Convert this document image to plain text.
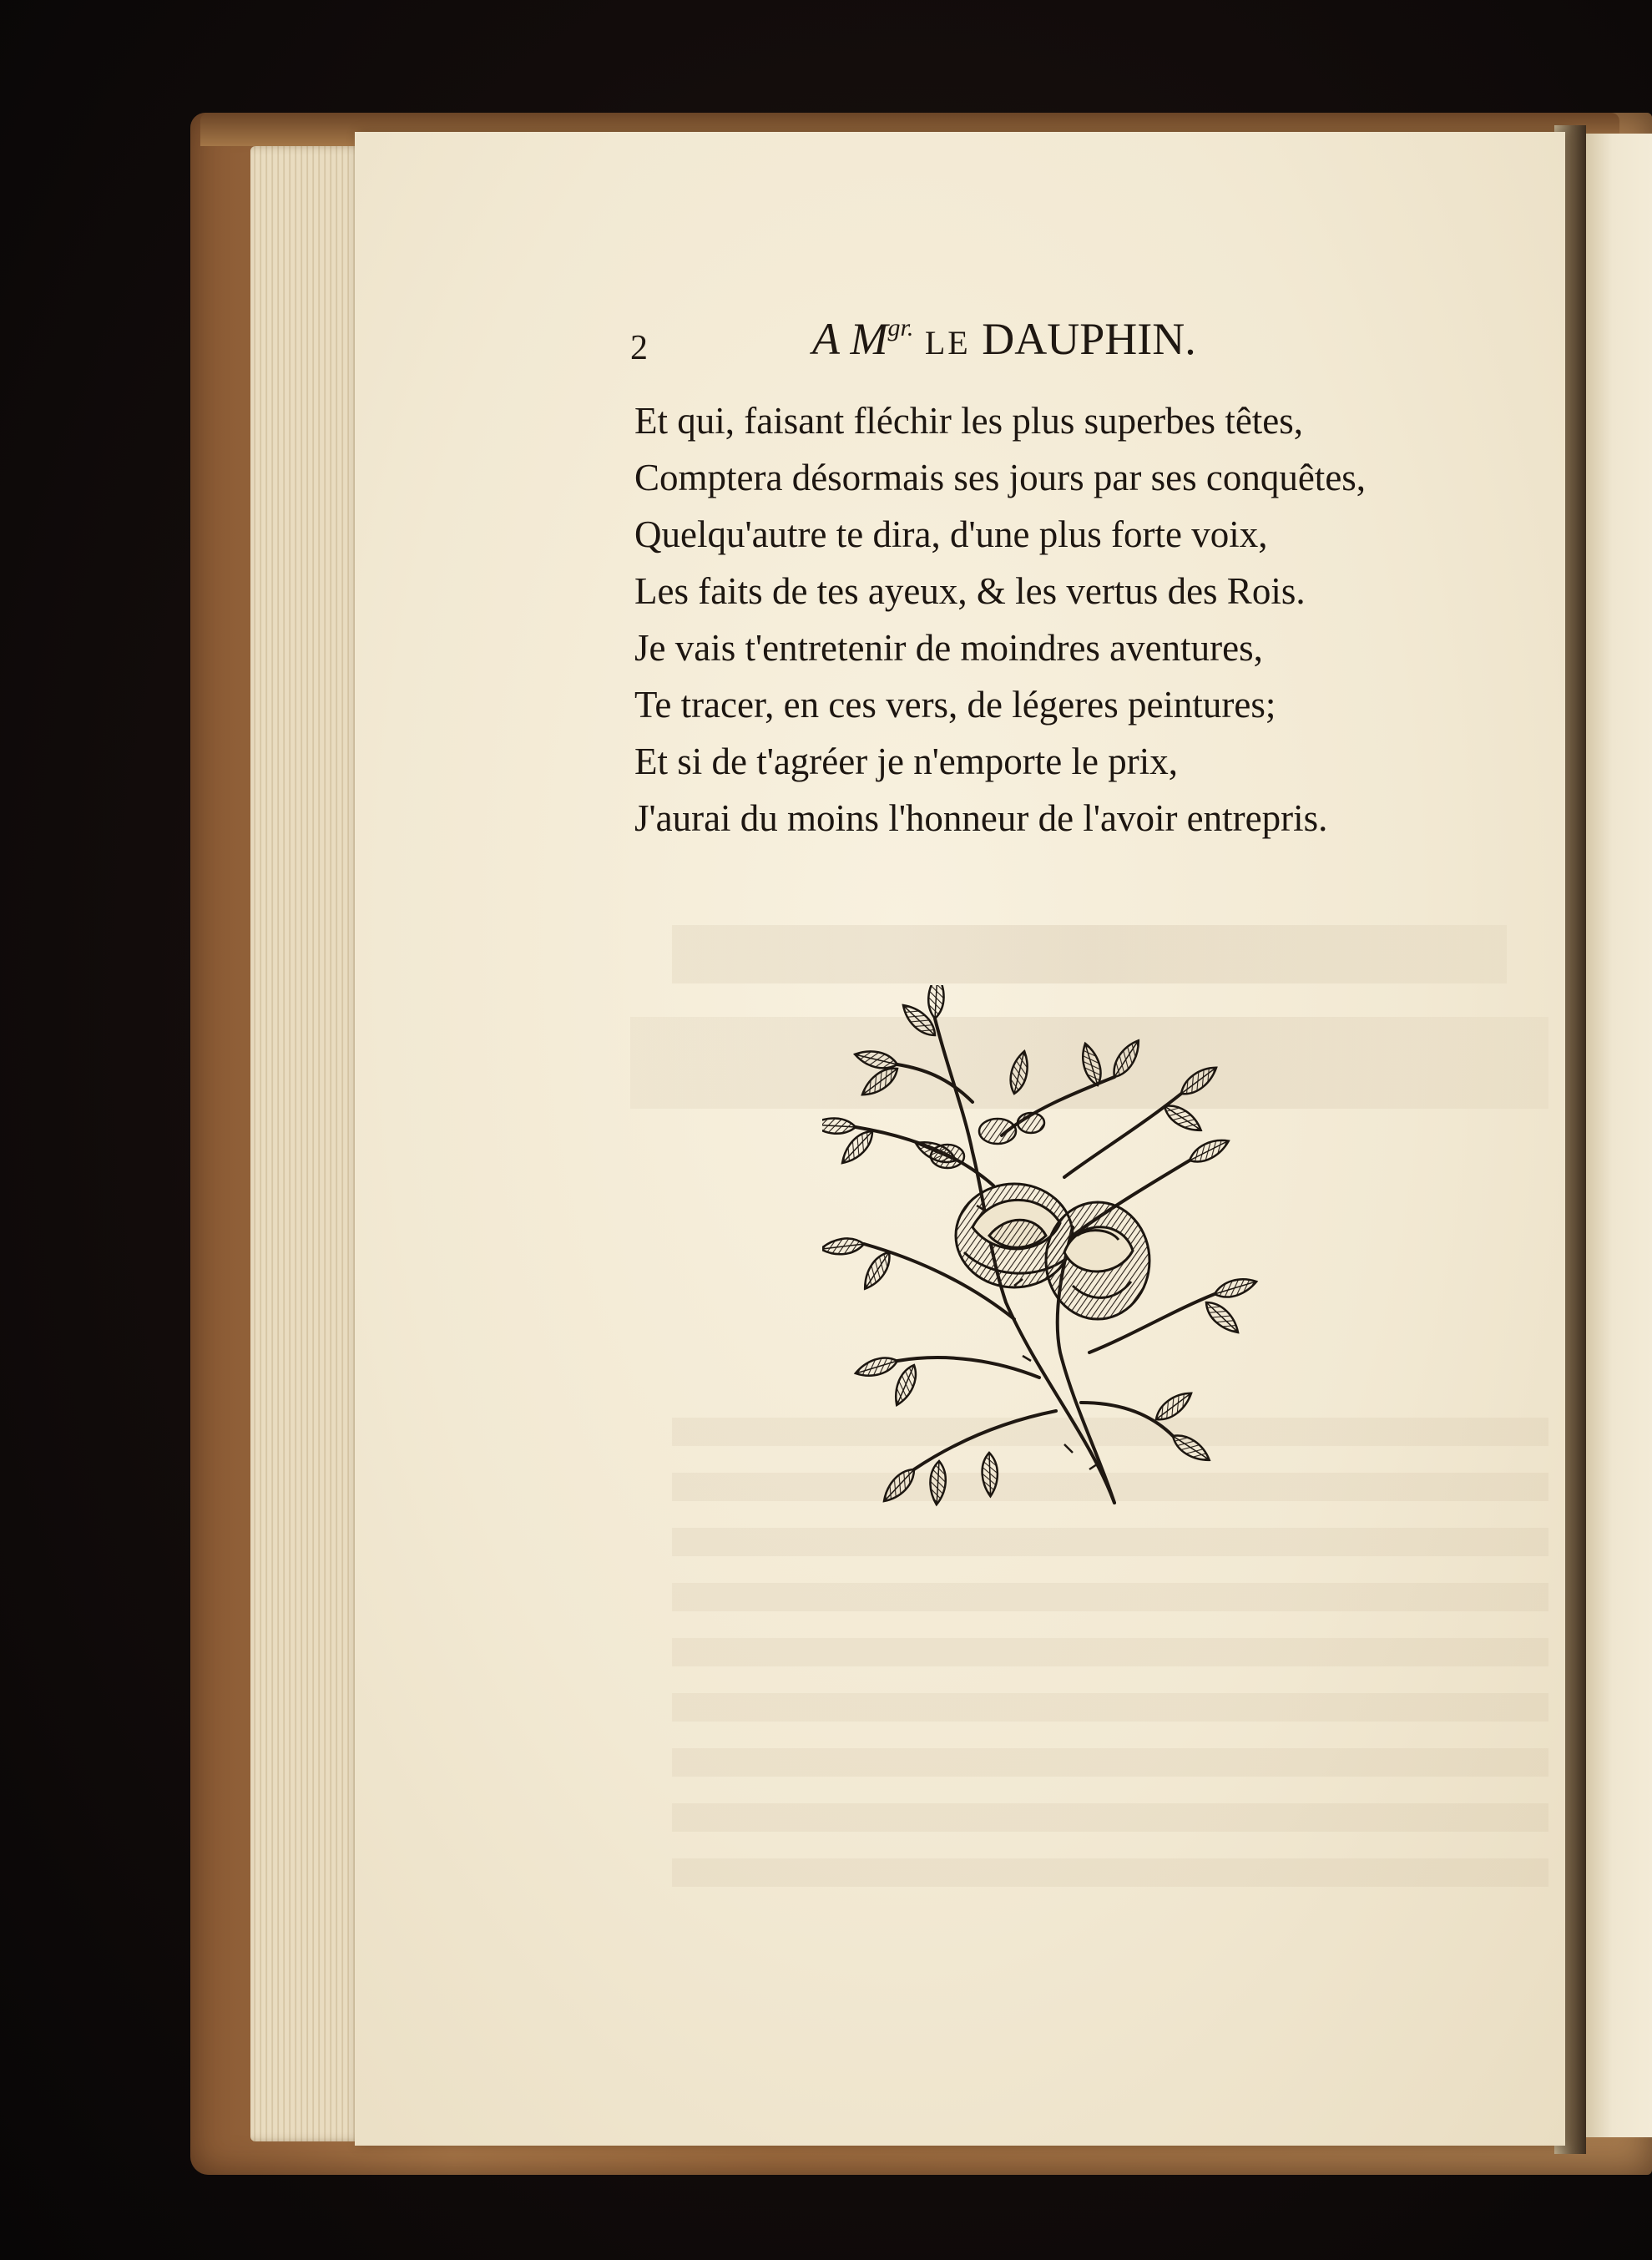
2	A $M^{gr.}$ LE DAUPHIN.
Et qui, faisant fléchir les plus superbes têtes,
Comptera désormais ses jours par ses conquêtes,
Quelqu'autre te dira, d'une plus forte voix,
Les faits de tes ayeux, & les vertus des Rois.
Je vais t'entretenir de moindres aventures,
Te tracer, en ces vers, de légeres peintures;
Et si de t'agréer je n'emporte le prix,
J'aurai du moins l'honneur de l'avoir entrepris.
